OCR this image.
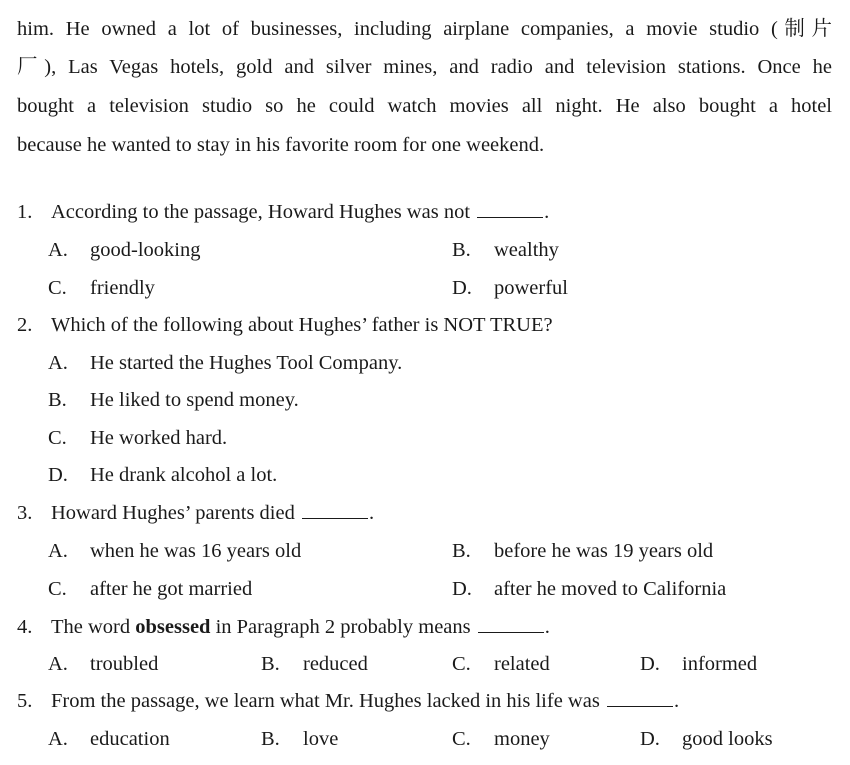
him. He owned a lot of businesses, including airplane companies, a movie studio (制片
厂), Las Vegas hotels, gold and silver mines, and radio and television stations. Once he
bought a television studio so he could watch movies all night. He also bought a hotel
because he wanted to stay in his favorite room for one weekend.
1. According to the passage, Howard Hughes was not	.
A. good-looking	B. wealthy
C. friendly	D. powerful
2. Which of the following about Hughes’ father is NOT TRUE?
A. He started the Hughes Tool Company.
B. He liked to spend money.
C. He worked hard.
D. He drank alcohol a lot.
3. Howard Hughes’ parents died	.
A. when he was 16 years old	B. before he was 19 years old
C. after he got married	D. after he moved to California
4. The word obsessed in Paragraph 2 probably means	.
A. troubled	B. reduced	C. related	D. informed
5. From the passage, we learn what Mr. Hughes lacked in his life was	.
A. education	B. love	C. money	D. good looks
